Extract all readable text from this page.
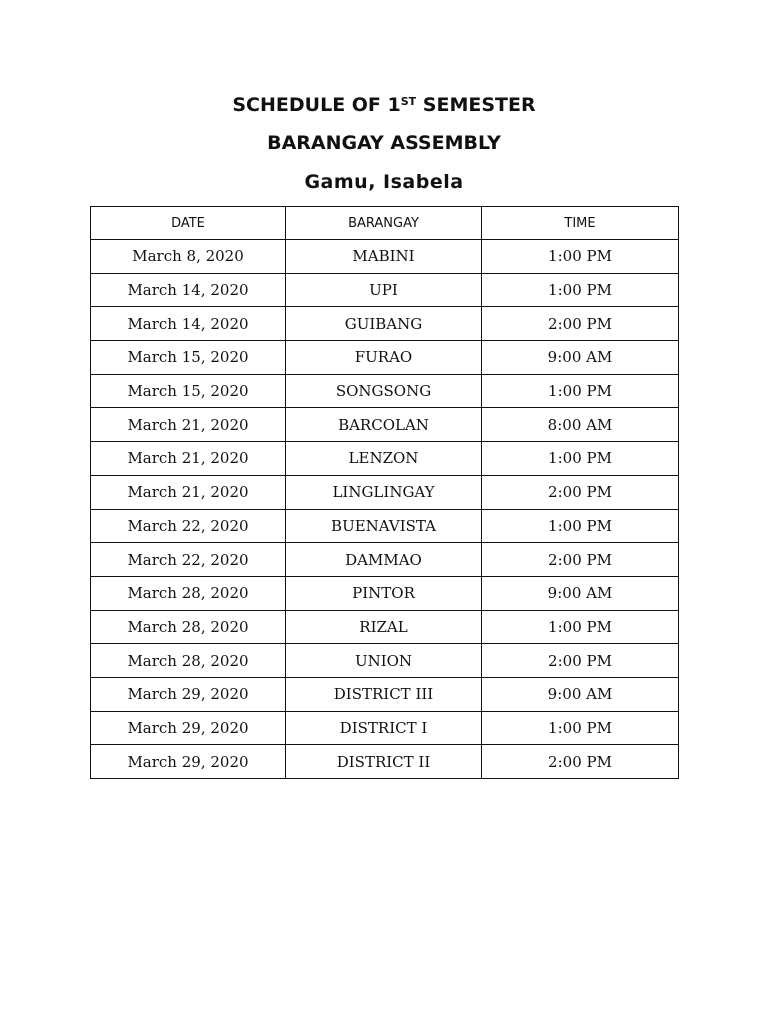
SCHEDULE OF 1ST SEMESTER
BARANGAY ASSEMBLY
Gamu, Isabela
DATE	BARANGAY	TIME
March 8, 2020	MABINI	1:00 PM
March 14, 2020	UPI	1:00 PM
March 14, 2020	GUIBANG	2:00 PM
March 15, 2020	FURAO	9:00 AM
March 15, 2020	SONGSONG	1:00 PM
March 21, 2020	BARCOLAN	8:00 AM
March 21, 2020	LENZON	1:00 PM
March 21, 2020	LINGLINGAY	2:00 PM
March 22, 2020	BUENAVISTA	1:00 PM
March 22, 2020	DAMMAO	2:00 PM
March 28, 2020	PINTOR	9:00 AM
March 28, 2020	RIZAL	1:00 PM
March 28, 2020	UNION	2:00 PM
March 29, 2020	DISTRICT III	9:00 AM
March 29, 2020	DISTRICT I	1:00 PM
March 29, 2020	DISTRICT II	2:00 PM
